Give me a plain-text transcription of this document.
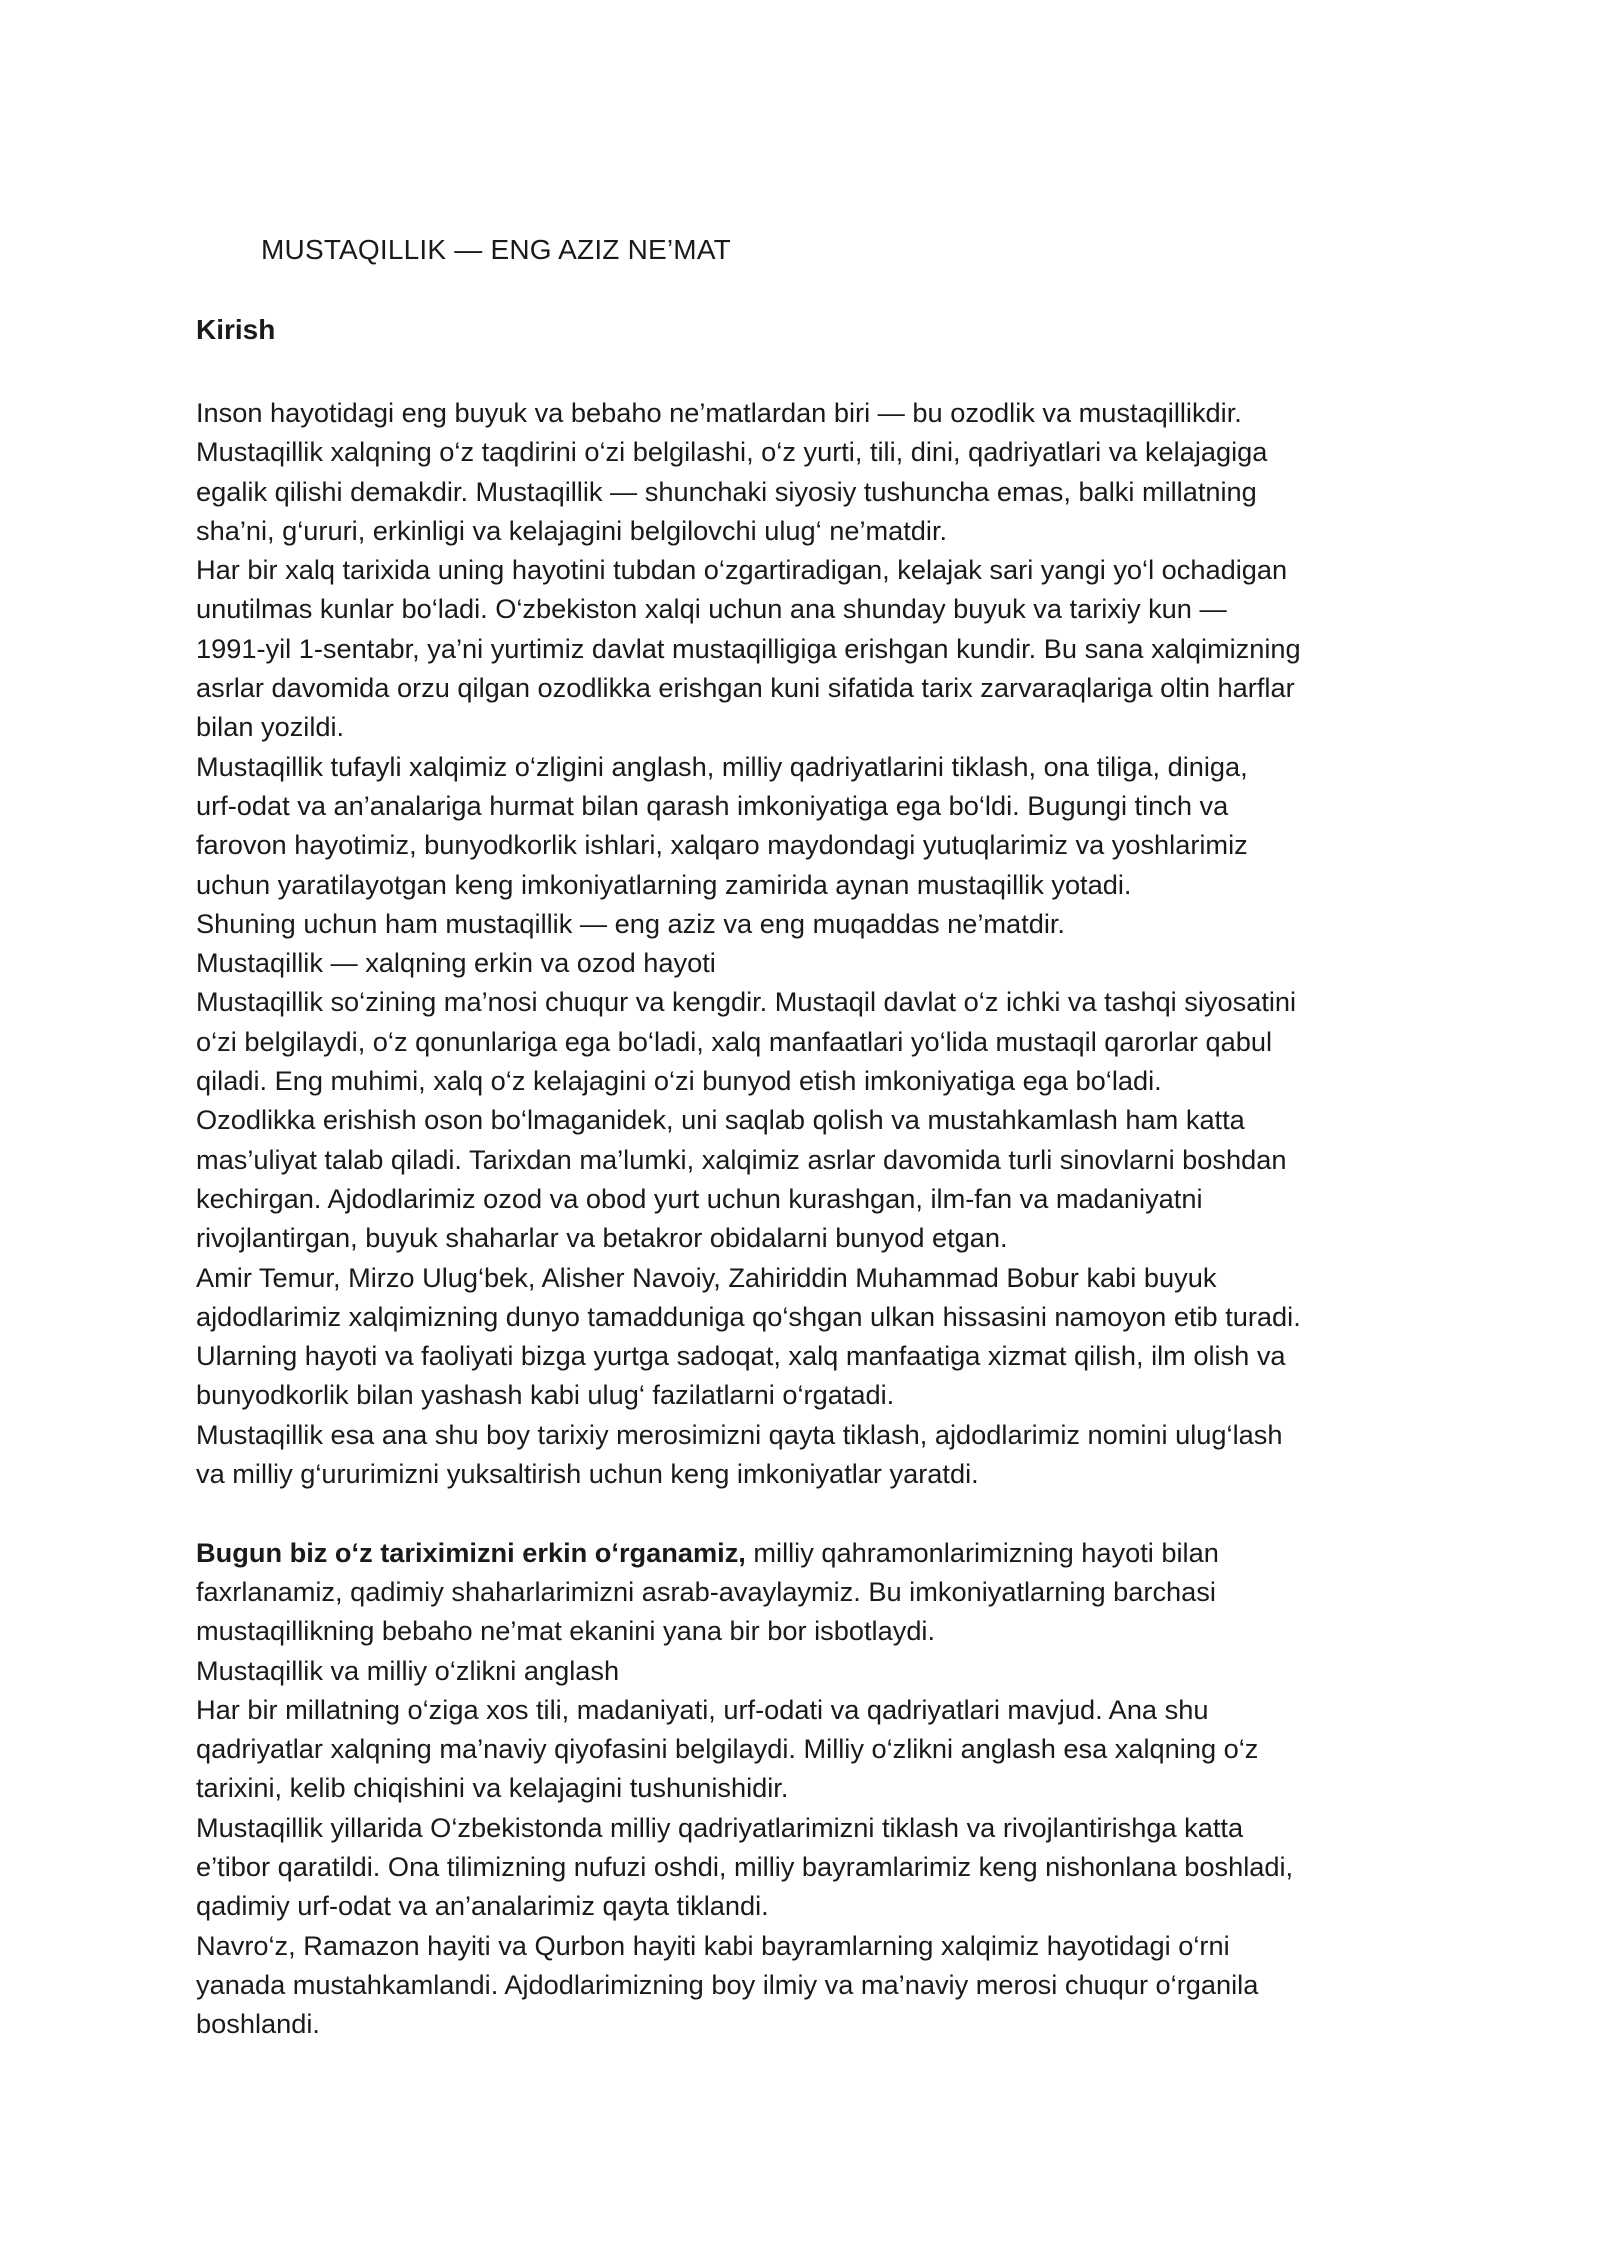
MUSTAQILLIK — ENG AZIZ NE’MAT
Kirish
Inson hayotidagi eng buyuk va bebaho ne’matlardan biri — bu ozodlik va mustaqillikdir.
Mustaqillik xalqning o‘z taqdirini o‘zi belgilashi, o‘z yurti, tili, dini, qadriyatlari va kelajagiga
egalik qilishi demakdir. Mustaqillik — shunchaki siyosiy tushuncha emas, balki millatning
sha’ni, g‘ururi, erkinligi va kelajagini belgilovchi ulug‘ ne’matdir.
Har bir xalq tarixida uning hayotini tubdan o‘zgartiradigan, kelajak sari yangi yo‘l ochadigan
unutilmas kunlar bo‘ladi. O‘zbekiston xalqi uchun ana shunday buyuk va tarixiy kun —
1991-yil 1-sentabr, ya’ni yurtimiz davlat mustaqilligiga erishgan kundir. Bu sana xalqimizning
asrlar davomida orzu qilgan ozodlikka erishgan kuni sifatida tarix zarvaraqlariga oltin harflar
bilan yozildi.
Mustaqillik tufayli xalqimiz o‘zligini anglash, milliy qadriyatlarini tiklash, ona tiliga, diniga,
urf-odat va an’analariga hurmat bilan qarash imkoniyatiga ega bo‘ldi. Bugungi tinch va
farovon hayotimiz, bunyodkorlik ishlari, xalqaro maydondagi yutuqlarimiz va yoshlarimiz
uchun yaratilayotgan keng imkoniyatlarning zamirida aynan mustaqillik yotadi.
Shuning uchun ham mustaqillik — eng aziz va eng muqaddas ne’matdir.
Mustaqillik — xalqning erkin va ozod hayoti
Mustaqillik so‘zining ma’nosi chuqur va kengdir. Mustaqil davlat o‘z ichki va tashqi siyosatini
o‘zi belgilaydi, o‘z qonunlariga ega bo‘ladi, xalq manfaatlari yo‘lida mustaqil qarorlar qabul
qiladi. Eng muhimi, xalq o‘z kelajagini o‘zi bunyod etish imkoniyatiga ega bo‘ladi.
Ozodlikka erishish oson bo‘lmaganidek, uni saqlab qolish va mustahkamlash ham katta
mas’uliyat talab qiladi. Tarixdan ma’lumki, xalqimiz asrlar davomida turli sinovlarni boshdan
kechirgan. Ajdodlarimiz ozod va obod yurt uchun kurashgan, ilm-fan va madaniyatni
rivojlantirgan, buyuk shaharlar va betakror obidalarni bunyod etgan.
Amir Temur, Mirzo Ulug‘bek, Alisher Navoiy, Zahiriddin Muhammad Bobur kabi buyuk
ajdodlarimiz xalqimizning dunyo tamadduniga qo‘shgan ulkan hissasini namoyon etib turadi.
Ularning hayoti va faoliyati bizga yurtga sadoqat, xalq manfaatiga xizmat qilish, ilm olish va
bunyodkorlik bilan yashash kabi ulug‘ fazilatlarni o‘rgatadi.
Mustaqillik esa ana shu boy tarixiy merosimizni qayta tiklash, ajdodlarimiz nomini ulug‘lash
va milliy g‘ururimizni yuksaltirish uchun keng imkoniyatlar yaratdi.
Bugun biz o‘z tariximizni erkin o‘rganamiz, milliy qahramonlarimizning hayoti bilan
faxrlanamiz, qadimiy shaharlarimizni asrab-avaylaymiz. Bu imkoniyatlarning barchasi
mustaqillikning bebaho ne’mat ekanini yana bir bor isbotlaydi.
Mustaqillik va milliy o‘zlikni anglash
Har bir millatning o‘ziga xos tili, madaniyati, urf-odati va qadriyatlari mavjud. Ana shu
qadriyatlar xalqning ma’naviy qiyofasini belgilaydi. Milliy o‘zlikni anglash esa xalqning o‘z
tarixini, kelib chiqishini va kelajagini tushunishidir.
Mustaqillik yillarida O‘zbekistonda milliy qadriyatlarimizni tiklash va rivojlantirishga katta
e’tibor qaratildi. Ona tilimizning nufuzi oshdi, milliy bayramlarimiz keng nishonlana boshladi,
qadimiy urf-odat va an’analarimiz qayta tiklandi.
Navro‘z, Ramazon hayiti va Qurbon hayiti kabi bayramlarning xalqimiz hayotidagi o‘rni
yanada mustahkamlandi. Ajdodlarimizning boy ilmiy va ma’naviy merosi chuqur o‘rganila
boshlandi.
